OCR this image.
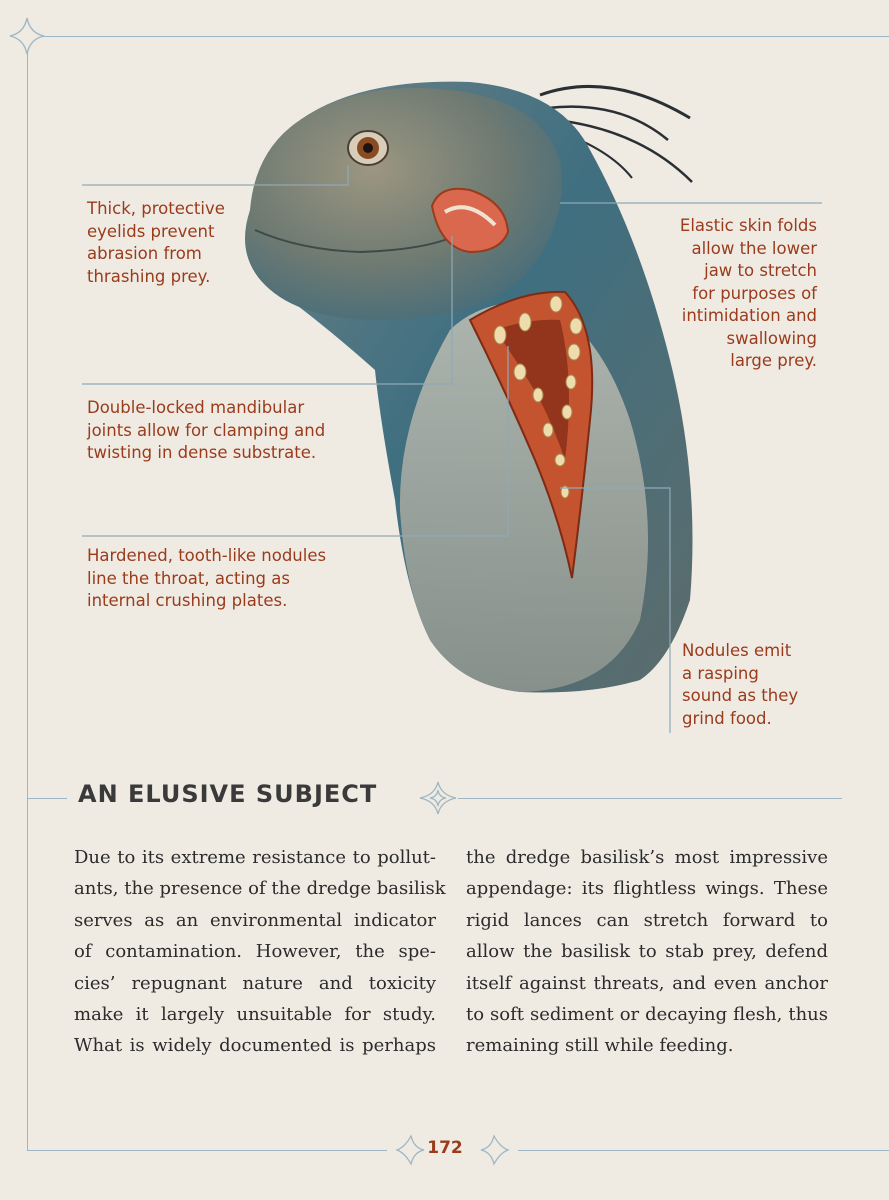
Thick, protective
eyelids prevent
abrasion from
thrashing prey.
Elastic skin folds
allow the lower
jaw to stretch
for purposes of
intimidation and
swallowing
large prey.
Double-locked mandibular
joints allow for clamping and
twisting in dense substrate.
Hardened, tooth-like nodules
line the throat, acting as
internal crushing plates.
Nodules emit
a rasping
sound as they
grind food.
AN ELUSIVE SUBJECT
Due to its extreme resistance to pollut-
ants, the presence of the dredge basilisk
serves as an environmental indicator
of contamination. However, the spe-
cies’ repugnant nature and toxicity
make it largely unsuitable for study.
What is widely documented is perhaps
the dredge basilisk’s most impressive
appendage: its flightless wings. These
rigid lances can stretch forward to
allow the basilisk to stab prey, defend
itself against threats, and even anchor
to soft sediment or decaying flesh, thus
remaining still while feeding.
172
